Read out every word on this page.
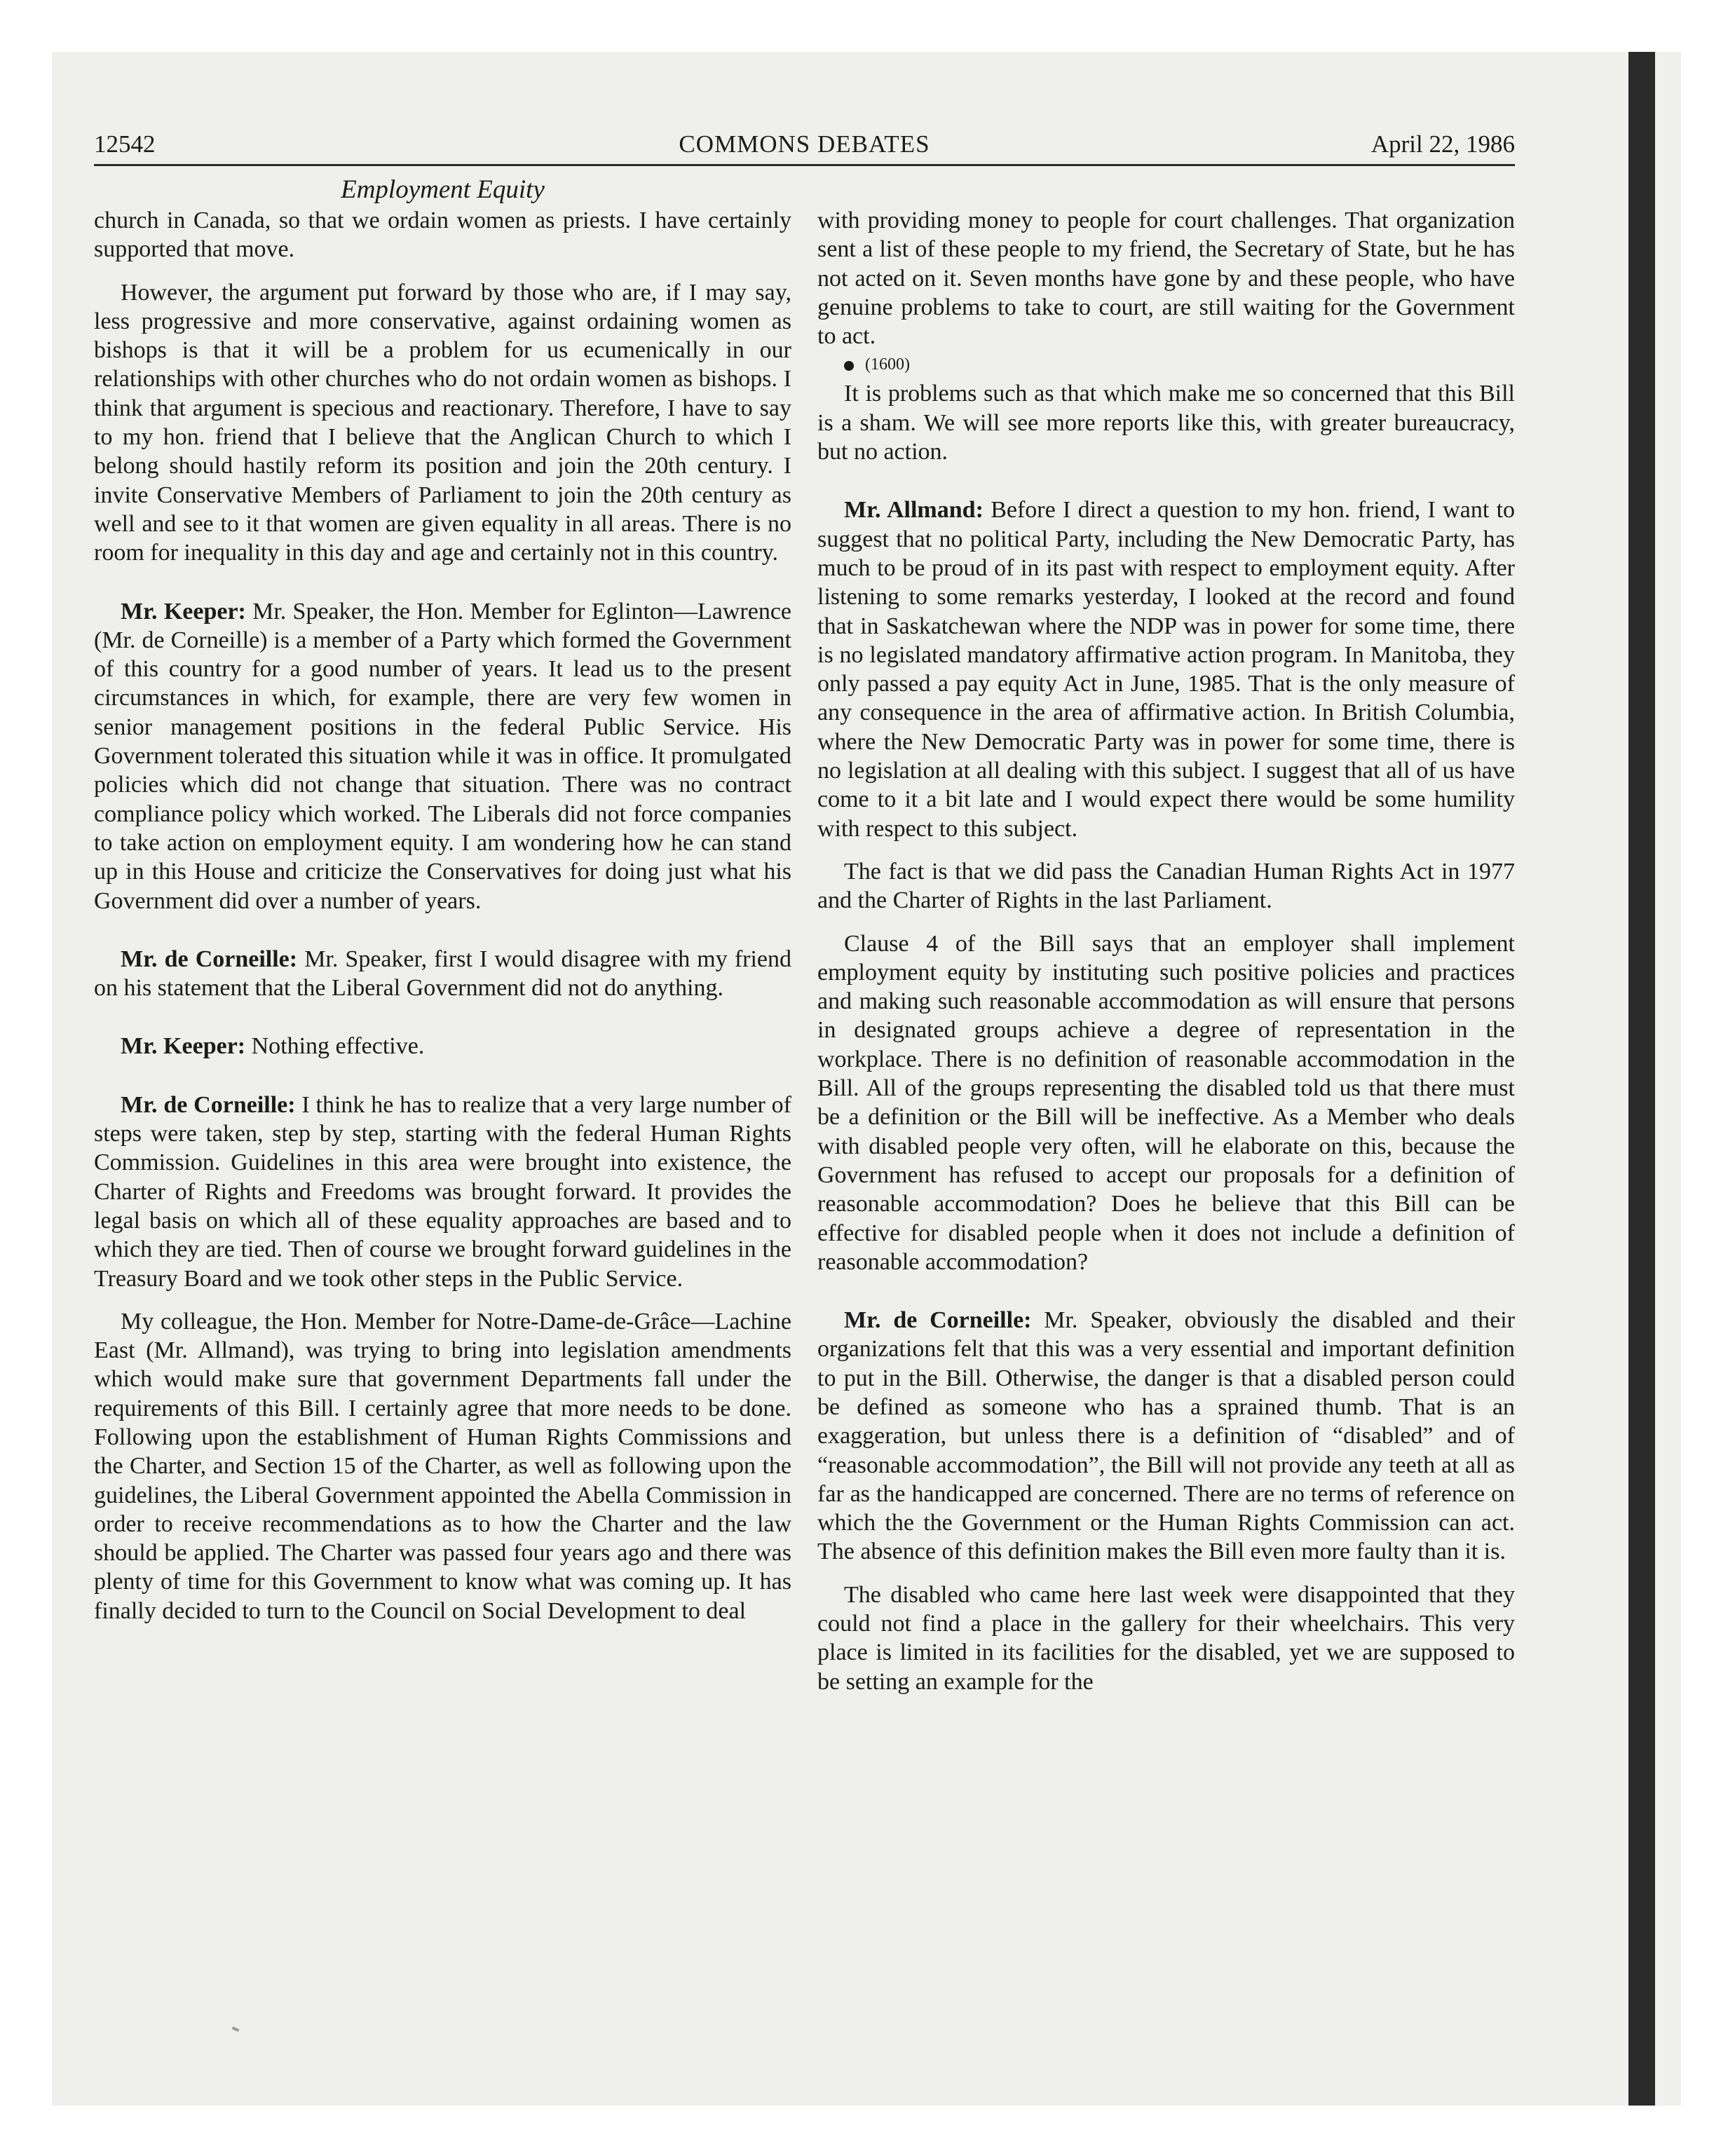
12542	COMMONS DEBATES	April 22, 1986
Employment Equity

church in Canada, so that we ordain women as priests. I have certainly supported that move.

However, the argument put forward by those who are, if I may say, less progressive and more conservative, against ordaining women as bishops is that it will be a problem for us ecumenically in our relationships with other churches who do not ordain women as bishops. I think that argument is specious and reactionary. Therefore, I have to say to my hon. friend that I believe that the Anglican Church to which I belong should hastily reform its position and join the 20th century. I invite Conservative Members of Parliament to join the 20th century as well and see to it that women are given equality in all areas. There is no room for inequality in this day and age and certainly not in this country.

Mr. Keeper: Mr. Speaker, the Hon. Member for Eglinton—Lawrence (Mr. de Corneille) is a member of a Party which formed the Government of this country for a good number of years. It lead us to the present circumstances in which, for example, there are very few women in senior management positions in the federal Public Service. His Government tolerated this situation while it was in office. It promulgated policies which did not change that situation. There was no contract compliance policy which worked. The Liberals did not force companies to take action on employment equity. I am wondering how he can stand up in this House and criticize the Conservatives for doing just what his Government did over a number of years.

Mr. de Corneille: Mr. Speaker, first I would disagree with my friend on his statement that the Liberal Government did not do anything.

Mr. Keeper: Nothing effective.

Mr. de Corneille: I think he has to realize that a very large number of steps were taken, step by step, starting with the federal Human Rights Commission. Guidelines in this area were brought into existence, the Charter of Rights and Freedoms was brought forward. It provides the legal basis on which all of these equality approaches are based and to which they are tied. Then of course we brought forward guidelines in the Treasury Board and we took other steps in the Public Service.

My colleague, the Hon. Member for Notre-Dame-de-Grâce—Lachine East (Mr. Allmand), was trying to bring into legislation amendments which would make sure that government Departments fall under the requirements of this Bill. I certainly agree that more needs to be done. Following upon the establishment of Human Rights Commissions and the Charter, and Section 15 of the Charter, as well as following upon the guidelines, the Liberal Government appointed the Abella Commission in order to receive recommendations as to how the Charter and the law should be applied. The Charter was passed four years ago and there was plenty of time for this Government to know what was coming up. It has finally decided to turn to the Council on Social Development to deal

with providing money to people for court challenges. That organization sent a list of these people to my friend, the Secretary of State, but he has not acted on it. Seven months have gone by and these people, who have genuine problems to take to court, are still waiting for the Government to act.

(1600)

It is problems such as that which make me so concerned that this Bill is a sham. We will see more reports like this, with greater bureaucracy, but no action.

Mr. Allmand: Before I direct a question to my hon. friend, I want to suggest that no political Party, including the New Democratic Party, has much to be proud of in its past with respect to employment equity. After listening to some remarks yesterday, I looked at the record and found that in Saskatchewan where the NDP was in power for some time, there is no legislated mandatory affirmative action program. In Manitoba, they only passed a pay equity Act in June, 1985. That is the only measure of any consequence in the area of affirmative action. In British Columbia, where the New Democratic Party was in power for some time, there is no legislation at all dealing with this subject. I suggest that all of us have come to it a bit late and I would expect there would be some humility with respect to this subject.

The fact is that we did pass the Canadian Human Rights Act in 1977 and the Charter of Rights in the last Parliament.

Clause 4 of the Bill says that an employer shall implement employment equity by instituting such positive policies and practices and making such reasonable accommodation as will ensure that persons in designated groups achieve a degree of representation in the workplace. There is no definition of reasonable accommodation in the Bill. All of the groups representing the disabled told us that there must be a definition or the Bill will be ineffective. As a Member who deals with disabled people very often, will he elaborate on this, because the Government has refused to accept our proposals for a definition of reasonable accommodation? Does he believe that this Bill can be effective for disabled people when it does not include a definition of reasonable accommodation?

Mr. de Corneille: Mr. Speaker, obviously the disabled and their organizations felt that this was a very essential and important definition to put in the Bill. Otherwise, the danger is that a disabled person could be defined as someone who has a sprained thumb. That is an exaggeration, but unless there is a definition of “disabled” and of “reasonable accommodation”, the Bill will not provide any teeth at all as far as the handicapped are concerned. There are no terms of reference on which the the Government or the Human Rights Commission can act. The absence of this definition makes the Bill even more faulty than it is.

The disabled who came here last week were disappointed that they could not find a place in the gallery for their wheelchairs. This very place is limited in its facilities for the disabled, yet we are supposed to be setting an example for the
